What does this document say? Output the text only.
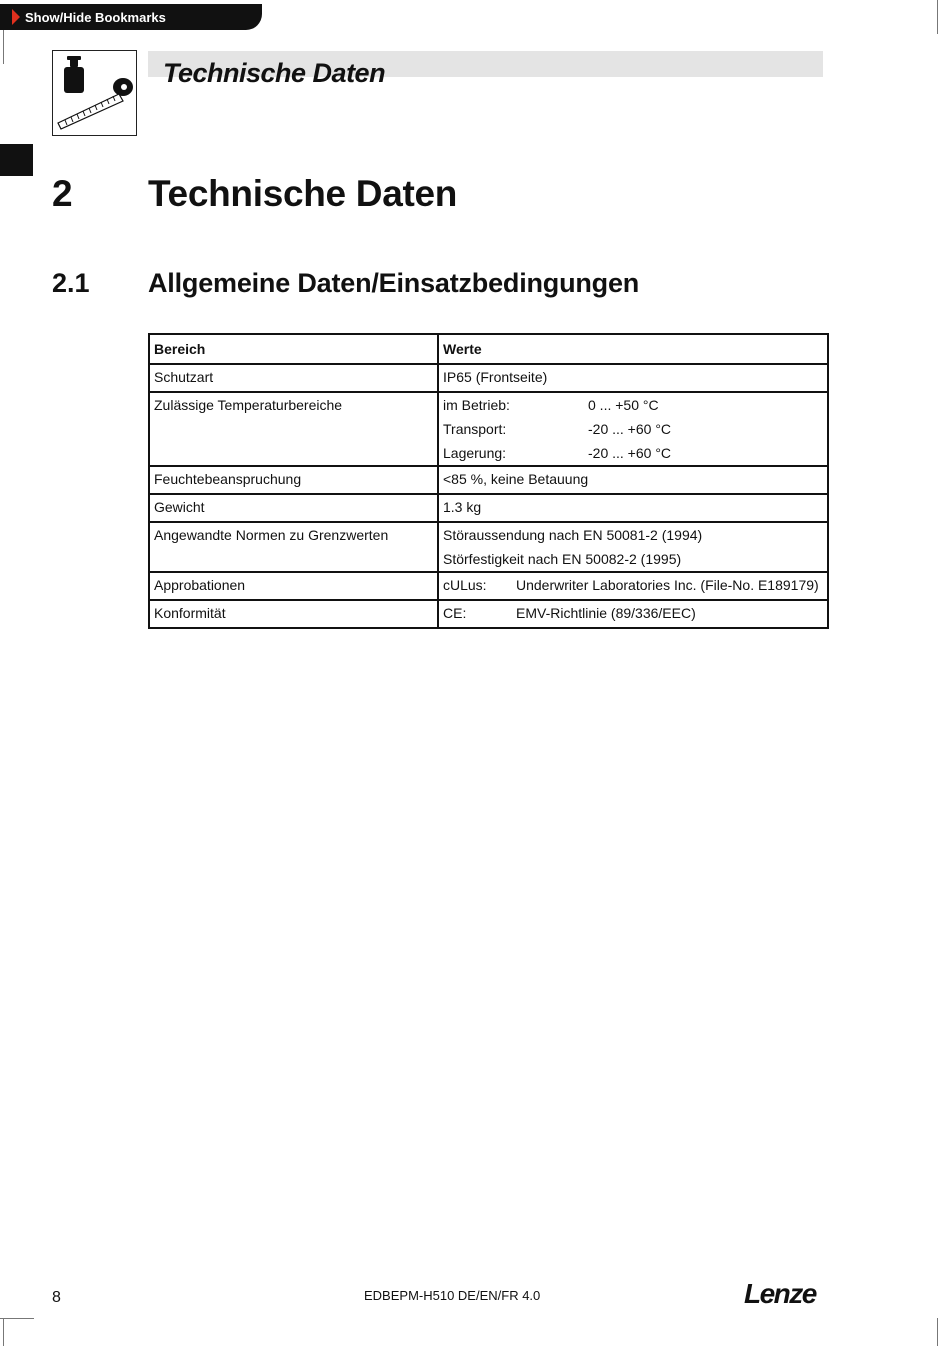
Show/Hide Bookmarks
Technische Daten
2 Technische Daten
2.1 Allgemeine Daten/Einsatzbedingungen
Bereich	Werte
Schutzart	IP65 (Frontseite)
Zulässige Temperaturbereiche	im Betrieb:	0 ... +50 °C
Transport:	-20 ... +60 °C
Lagerung:	-20 ... +60 °C
Feuchtebeanspruchung	<85 %, keine Betauung
Gewicht	1.3 kg
Angewandte Normen zu Grenzwerten	Störaussendung nach EN 50081-2 (1994)
Störfestigkeit nach EN 50082-2 (1995)
Approbationen	cULus:	Underwriter Laboratories Inc. (File-No. E189179)
Konformität	CE:	EMV-Richtlinie (89/336/EEC)
8	EDBEPM-H510 DE/EN/FR 4.0	Lenze
